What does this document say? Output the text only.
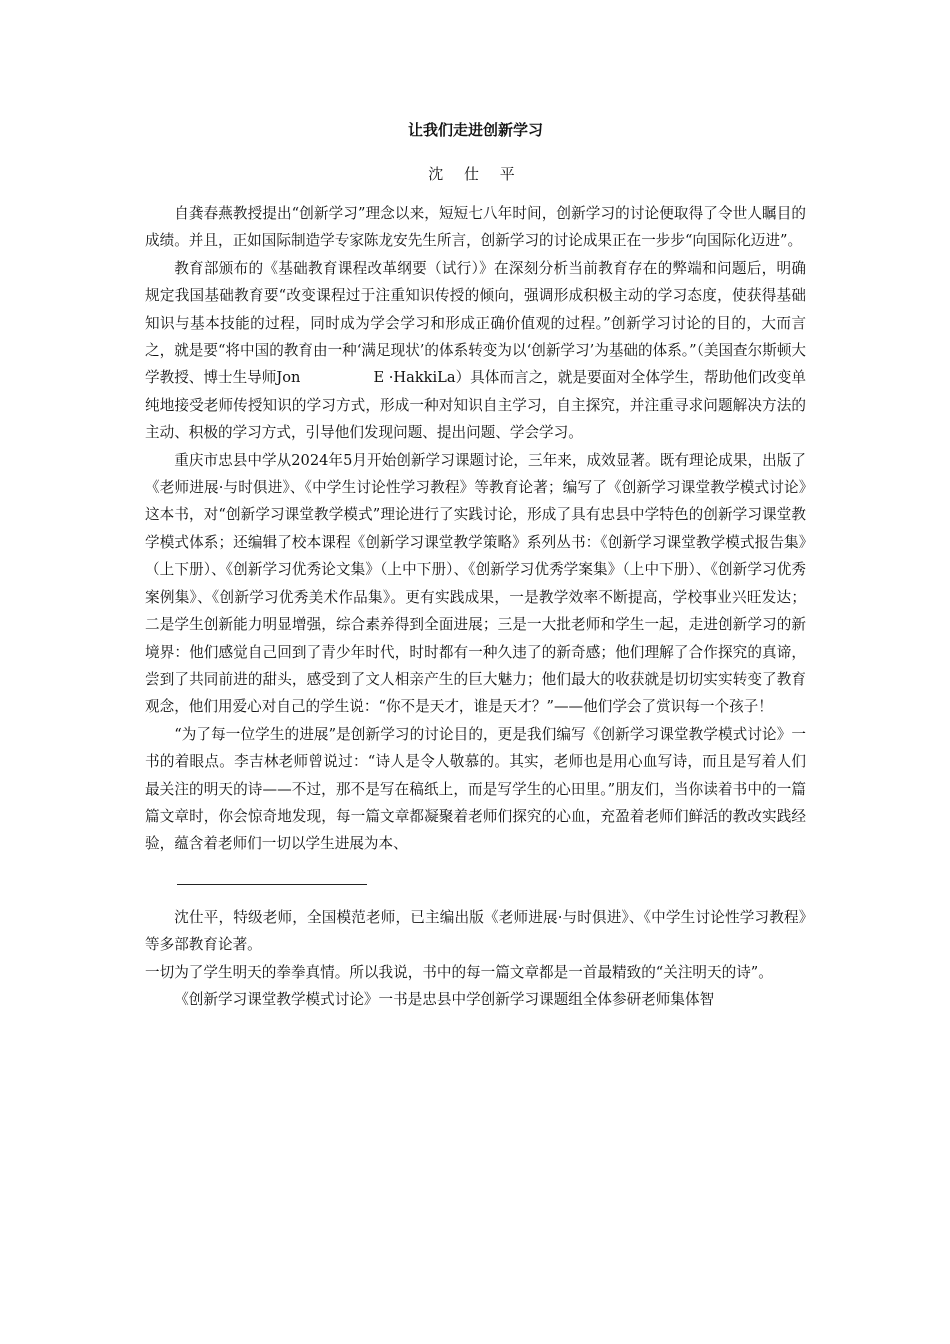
让我们走进创新学习
沈 仕 平

自龚春燕教授提出“创新学习”理念以来，短短七八年时间，创新学习的讨论便取得了令世人瞩目的成绩。并且，正如国际制造学专家陈龙安先生所言，创新学习的讨论成果正在一步步“向国际化迈进”。

教育部颁布的《基础教育课程改革纲要（试行）》在深刻分析当前教育存在的弊端和问题后，明确规定我国基础教育要“改变课程过于注重知识传授的倾向，强调形成积极主动的学习态度，使获得基础知识与基本技能的过程，同时成为学会学习和形成正确价值观的过程。”创新学习讨论的目的，大而言之，就是要“将中国的教育由一种‘满足现状’的体系转变为以‘创新学习’为基础的体系。”（美国查尔斯顿大学教授、博士生导师Jon　　　　　E ·HakkiLa）具体而言之，就是要面对全体学生，帮助他们改变单纯地接受老师传授知识的学习方式，形成一种对知识自主学习，自主探究，并注重寻求问题解决方法的主动、积极的学习方式，引导他们发现问题、提出问题、学会学习。

重庆市忠县中学从2024年5月开始创新学习课题讨论，三年来，成效显著。既有理论成果，出版了《老师进展·与时俱进》、《中学生讨论性学习教程》等教育论著；编写了《创新学习课堂教学模式讨论》这本书，对“创新学习课堂教学模式”理论进行了实践讨论，形成了具有忠县中学特色的创新学习课堂教学模式体系；还编辑了校本课程《创新学习课堂教学策略》系列丛书：《创新学习课堂教学模式报告集》（上下册）、《创新学习优秀论文集》（上中下册）、《创新学习优秀学案集》（上中下册）、《创新学习优秀案例集》、《创新学习优秀美术作品集》。更有实践成果，一是教学效率不断提高，学校事业兴旺发达；二是学生创新能力明显增强，综合素养得到全面进展；三是一大批老师和学生一起，走进创新学习的新境界：他们感觉自己回到了青少年时代，时时都有一种久违了的新奇感；他们理解了合作探究的真谛，尝到了共同前进的甜头，感受到了文人相亲产生的巨大魅力；他们最大的收获就是切切实实转变了教育观念，他们用爱心对自己的学生说：“你不是天才，谁是天才？”——他们学会了赏识每一个孩子！

“为了每一位学生的进展”是创新学习的讨论目的，更是我们编写《创新学习课堂教学模式讨论》一书的着眼点。李吉林老师曾说过：“诗人是令人敬慕的。其实，老师也是用心血写诗，而且是写着人们最关注的明天的诗——不过，那不是写在稿纸上，而是写学生的心田里。”朋友们，当你读着书中的一篇篇文章时，你会惊奇地发现，每一篇文章都凝聚着老师们探究的心血，充盈着老师们鲜活的教改实践经验，蕴含着老师们一切以学生进展为本、

沈仕平，特级老师，全国模范老师，已主编出版《老师进展·与时俱进》、《中学生讨论性学习教程》等多部教育论著。

一切为了学生明天的拳拳真情。所以我说，书中的每一篇文章都是一首最精致的“关注明天的诗”。

《创新学习课堂教学模式讨论》一书是忠县中学创新学习课题组全体参研老师集体智
